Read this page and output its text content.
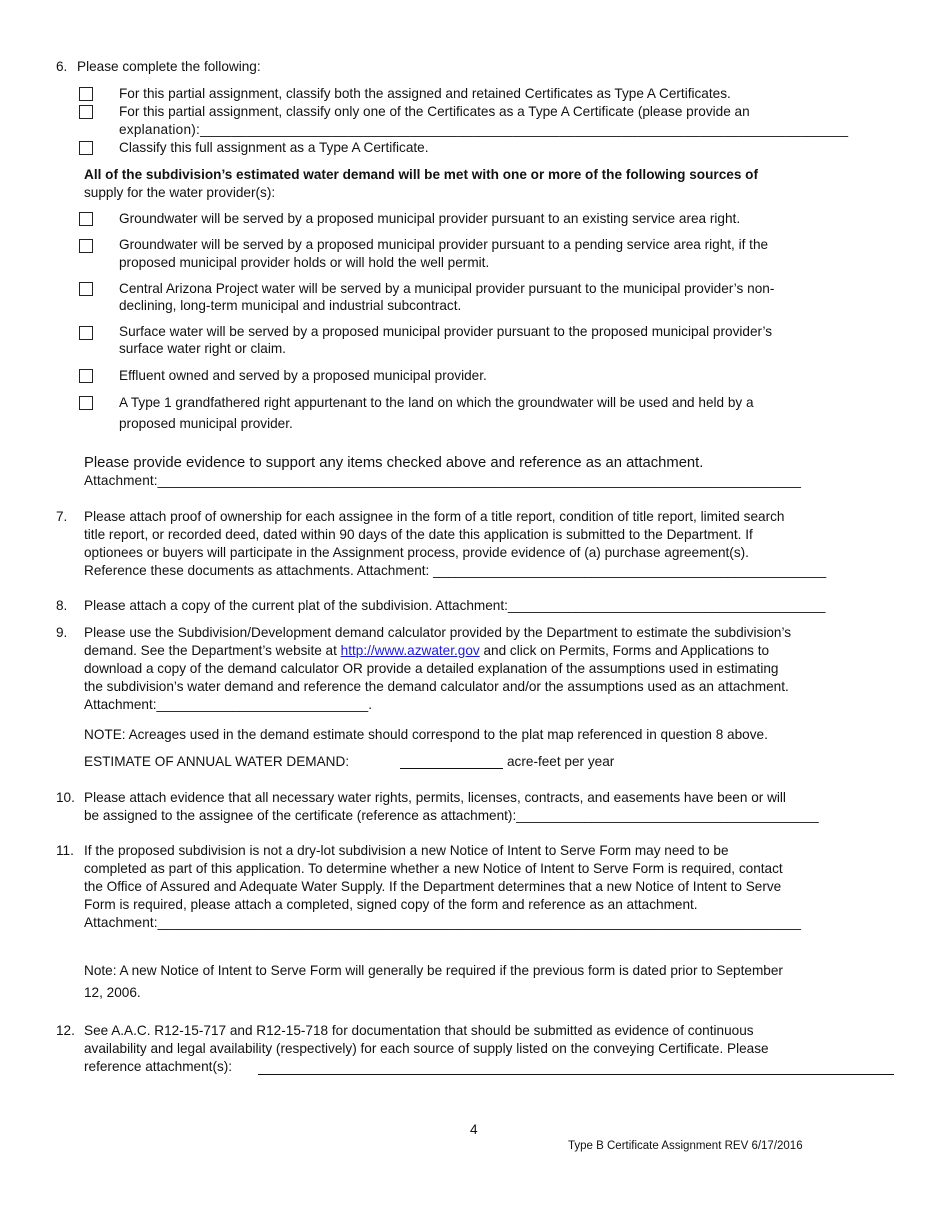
6. Please complete the following:
For this partial assignment, classify both the assigned and retained Certificates as Type A Certificates.
For this partial assignment, classify only one of the Certificates as a Type A Certificate (please provide an
explanation):___________________________________________________________________________________
Classify this full assignment as a Type A Certificate.
All of the subdivision’s estimated water demand will be met with one or more of the following sources of
supply for the water provider(s):
Groundwater will be served by a proposed municipal provider pursuant to an existing service area right.
Groundwater will be served by a proposed municipal provider pursuant to a pending service area right, if the
proposed municipal provider holds or will hold the well permit.
Central Arizona Project water will be served by a municipal provider pursuant to the municipal provider’s non-
declining, long-term municipal and industrial subcontract.
Surface water will be served by a proposed municipal provider pursuant to the proposed municipal provider’s
surface water right or claim.
Effluent owned and served by a proposed municipal provider.
A Type 1 grandfathered right appurtenant to the land on which the groundwater will be used and held by a
proposed municipal provider.
Please provide evidence to support any items checked above and reference as an attachment.
Attachment:____________________________________________________________________________________
7. Please attach proof of ownership for each assignee in the form of a title report, condition of title report, limited search
title report, or recorded deed, dated within 90 days of the date this application is submitted to the Department. If
optionees or buyers will participate in the Assignment process, provide evidence of (a) purchase agreement(s).
Reference these documents as attachments. Attachment: ____________________________________________________
8. Please attach a copy of the current plat of the subdivision. Attachment:__________________________________________
9. Please use the Subdivision/Development demand calculator provided by the Department to estimate the subdivision’s
demand. See the Department’s website at http://www.azwater.gov and click on Permits, Forms and Applications to
download a copy of the demand calculator OR provide a detailed explanation of the assumptions used in estimating
the subdivision’s water demand and reference the demand calculator and/or the assumptions used as an attachment.
Attachment:____________________________.
NOTE: Acreages used in the demand estimate should correspond to the plat map referenced in question 8 above.
ESTIMATE OF ANNUAL WATER DEMAND:	acre-feet per year
10. Please attach evidence that all necessary water rights, permits, licenses, contracts, and easements have been or will
be assigned to the assignee of the certificate (reference as attachment):________________________________________
11. If the proposed subdivision is not a dry-lot subdivision a new Notice of Intent to Serve Form may need to be
completed as part of this application. To determine whether a new Notice of Intent to Serve Form is required, contact
the Office of Assured and Adequate Water Supply. If the Department determines that a new Notice of Intent to Serve
Form is required, please attach a completed, signed copy of the form and reference as an attachment.
Attachment:____________________________________________________________________________________
Note: A new Notice of Intent to Serve Form will generally be required if the previous form is dated prior to September
12, 2006.
12. See A.A.C. R12-15-717 and R12-15-718 for documentation that should be submitted as evidence of continuous
availability and legal availability (respectively) for each source of supply listed on the conveying Certificate. Please
reference attachment(s):
4
Type B Certificate Assignment REV 6/17/2016
